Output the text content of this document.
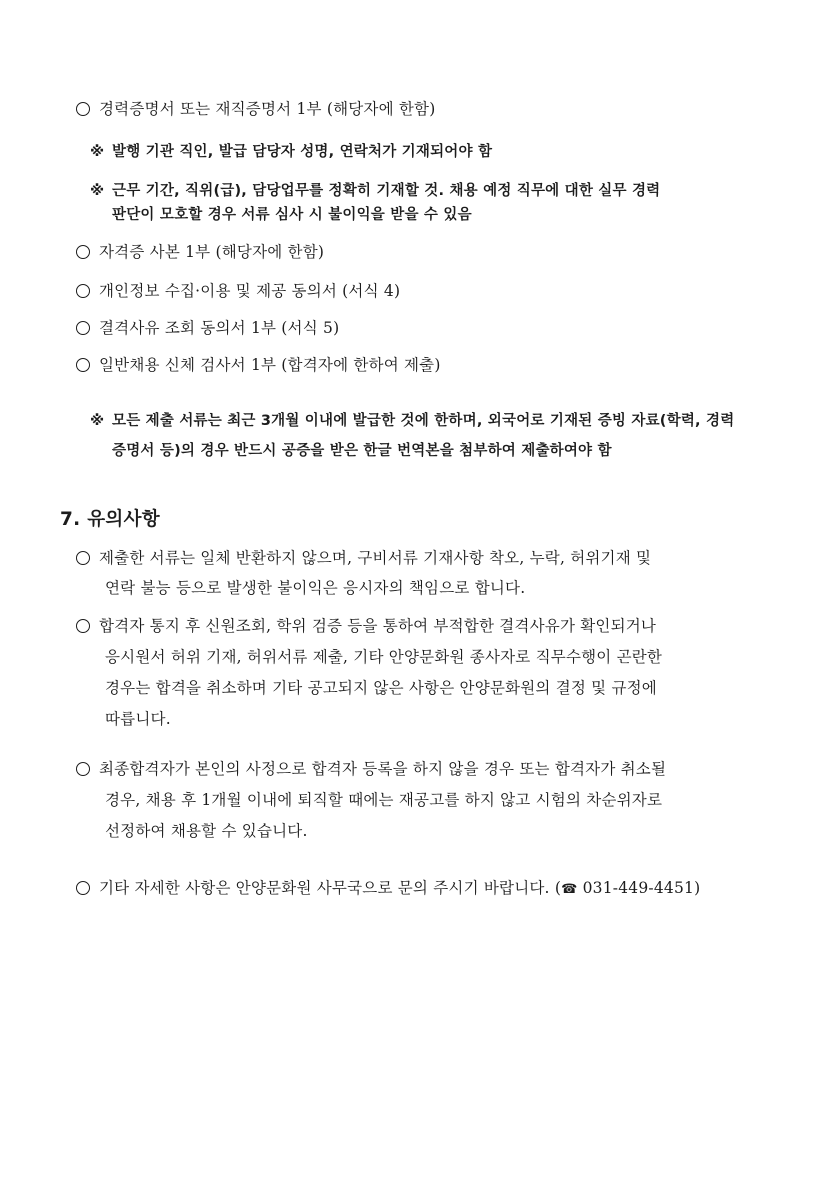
경력증명서 또는 재직증명서 1부 (해당자에 한함)
※ 발행 기관 직인, 발급 담당자 성명, 연락처가 기재되어야 함
※ 근무 기간, 직위(급), 담당업무를 정확히 기재할 것. 채용 예정 직무에 대한 실무 경력
판단이 모호할 경우 서류 심사 시 불이익을 받을 수 있음
자격증 사본 1부 (해당자에 한함)
개인정보 수집·이용 및 제공 동의서 (서식 4)
결격사유 조회 동의서 1부 (서식 5)
일반채용 신체 검사서 1부 (합격자에 한하여 제출)
※ 모든 제출 서류는 최근 3개월 이내에 발급한 것에 한하며, 외국어로 기재된 증빙 자료(학력, 경력
증명서 등)의 경우 반드시 공증을 받은 한글 번역본을 첨부하여 제출하여야 함
7. 유의사항
제출한 서류는 일체 반환하지 않으며, 구비서류 기재사항 착오, 누락, 허위기재 및
연락 불능 등으로 발생한 불이익은 응시자의 책임으로 합니다.
합격자 통지 후 신원조회, 학위 검증 등을 통하여 부적합한 결격사유가 확인되거나
응시원서 허위 기재, 허위서류 제출, 기타 안양문화원 종사자로 직무수행이 곤란한
경우는 합격을 취소하며 기타 공고되지 않은 사항은 안양문화원의 결정 및 규정에
따릅니다.
최종합격자가 본인의 사정으로 합격자 등록을 하지 않을 경우 또는 합격자가 취소될
경우, 채용 후 1개월 이내에 퇴직할 때에는 재공고를 하지 않고 시험의 차순위자로
선정하여 채용할 수 있습니다.
기타 자세한 사항은 안양문화원 사무국으로 문의 주시기 바랍니다. (☎ 031-449-4451)
